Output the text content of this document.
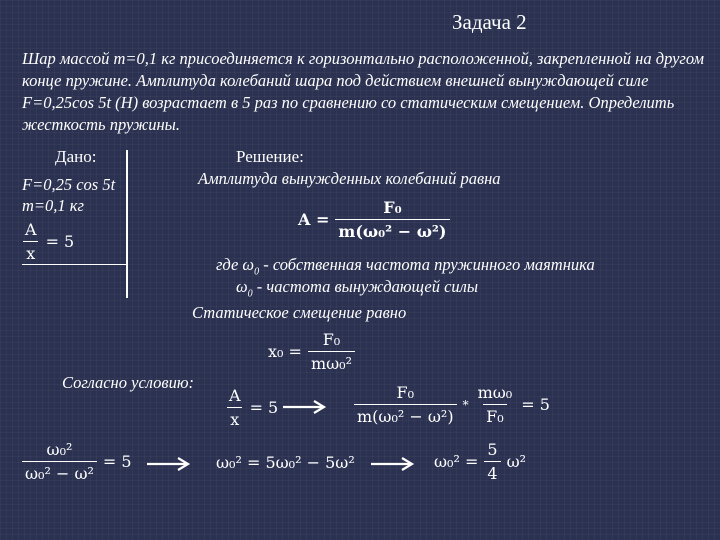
Задача 2
Шар массой m=0,1 кг присоединяется к горизонтально расположенной, закрепленной на другом конце пружине. Амплитуда колебаний шара под действием внешней вынуждающей силе F=0,25cos 5t (Н) возрастает в 5 раз по сравнению со статическим смещением. Определить жесткость пружины.
Дано:
F=0,25 cos 5t
m=0,1 кг
$\frac{A}{x} = 5$
Решение:
Амплитуда вынужденных колебаний равна
$A = \frac{\text{F₀}}{\text{m(ω₀² − ω²)}}$
где $\omega_0$ - собственная частота пружинного маятника
$\omega_0$ - частота вынуждающей силы
Статическое смещение равно
$x_0 = \frac{\text{F₀}}{\text{mω₀²}}$
Согласно условию:
$\frac{A}{x} = 5$	$\frac{\text{F₀}}{\text{m(ω₀² − ω²)}} * \frac{\text{mω₀}}{\text{F₀}} = 5$
$\frac{\text{ω₀²}}{\text{ω₀² − ω²}} = 5$	ω₀² = 5ω₀² − 5ω²	$\omega_0^2 = \frac{5}{4} \omega^2$
